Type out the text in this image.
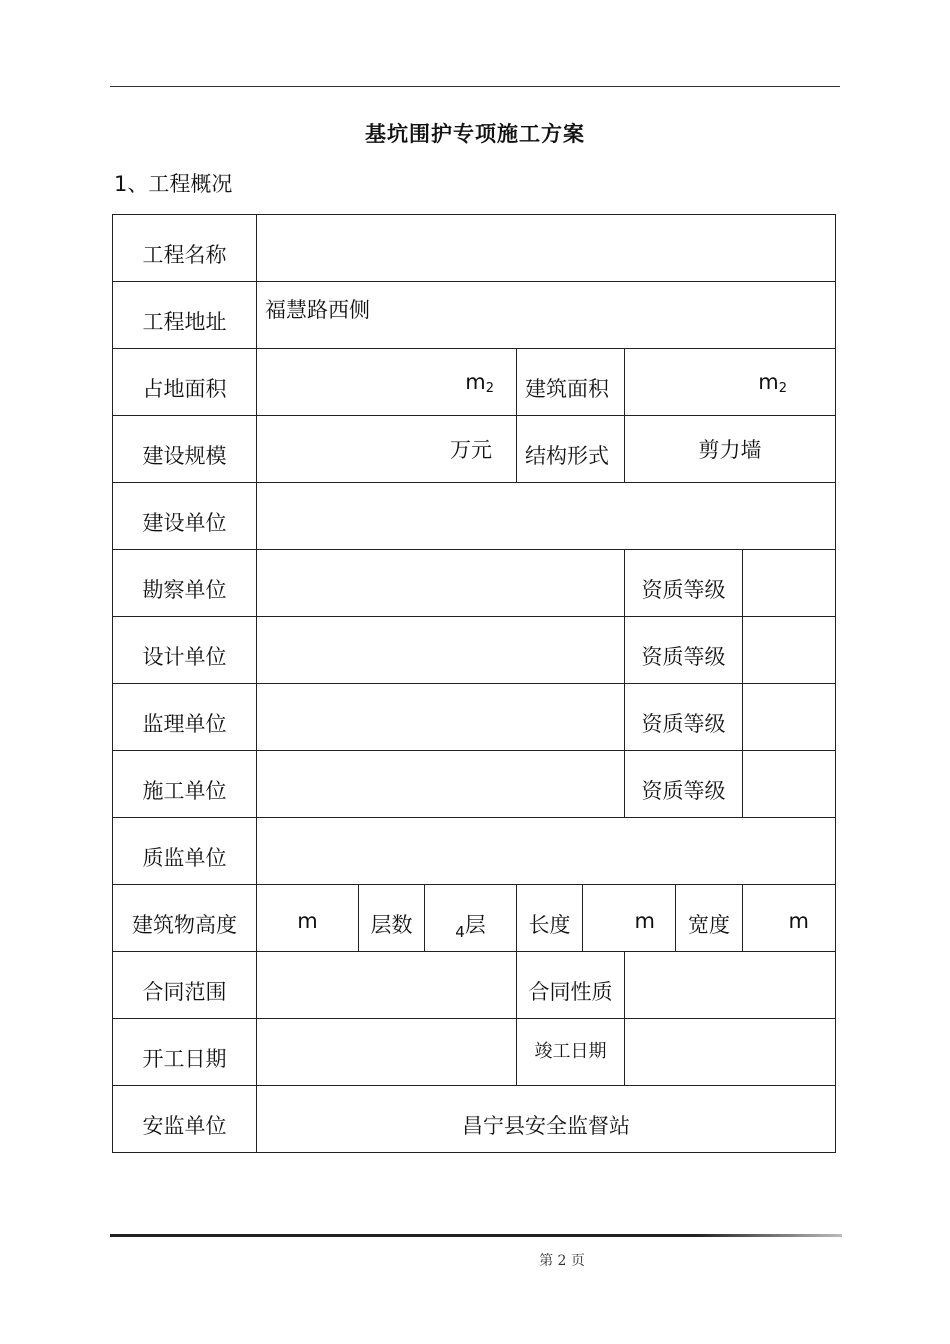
基坑围护专项施工方案
1、工程概况
工程名称								

工程地址	福慧路西侧							

占地面积	$m_2$			建筑面积		$m_2$

建设规模	万元			结构形式		剪力墙		

建设单位								

勘察单位						资质等级		

设计单位						资质等级		

监理单位						资质等级		

施工单位						资质等级		

质监单位								

建筑物高度	m	层数	$_4$层	长度	m		宽度	m

合同范围				合同性质				

开工日期				竣工日期				

安监单位	昌宁县安全监督站							
第 2 页
